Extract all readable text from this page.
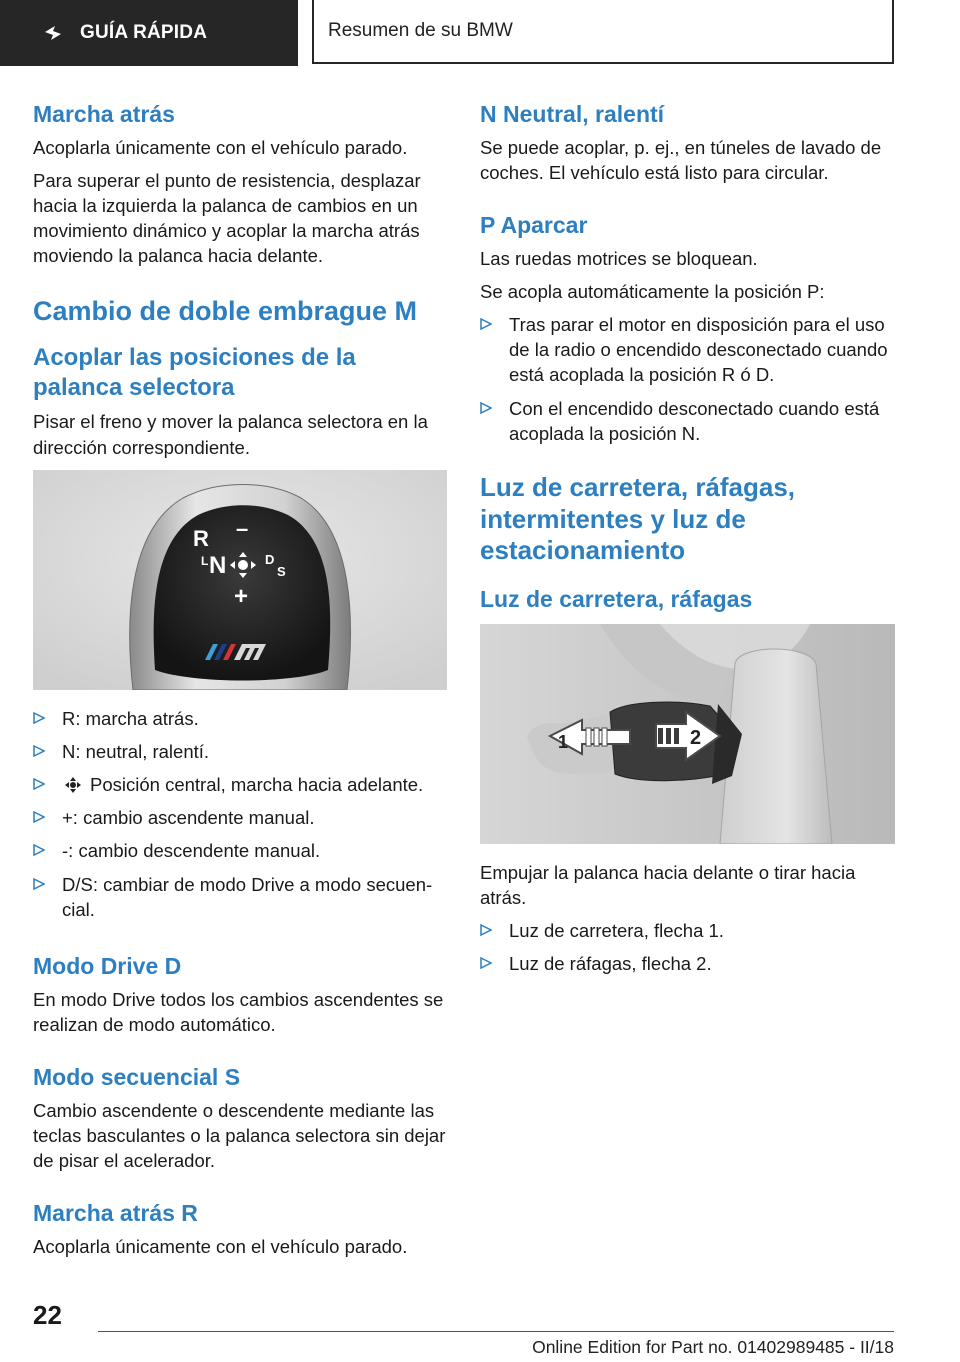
GUÍA RÁPIDA	Resumen de su BMW
Marcha atrás

Acoplarla únicamente con el vehículo parado.

Para superar el punto de resistencia, desplazar hacia la izquierda la palanca de cambios en un movimiento dinámico y acoplar la marcha atrás moviendo la palanca hacia delante.

Cambio de doble embrague M
Acoplar las posiciones de la palanca selectora

Pisar el freno y mover la palanca selectora en la dirección correspondiente.

R –
L N	D
S
+
R: marcha atrás.
N: neutral, ralentí.
Posición central, marcha hacia adelante.
+: cambio ascendente manual.
-: cambio descendente manual.
D/S: cambiar de modo Drive a modo secuencial.
Modo Drive D

En modo Drive todos los cambios ascendentes se realizan de modo automático.

Modo secuencial S

Cambio ascendente o descendente mediante las teclas basculantes o la palanca selectora sin dejar de pisar el acelerador.

Marcha atrás R

Acoplarla únicamente con el vehículo parado.

N Neutral, ralentí

Se puede acoplar, p. ej., en túneles de lavado de coches. El vehículo está listo para circular.

P Aparcar

Las ruedas motrices se bloquean.

Se acopla automáticamente la posición P:

Tras parar el motor en disposición para el uso de la radio o encendido desconectado cuando está acoplada la posición R ó D.
Con el encendido desconectado cuando está acoplada la posición N.
Luz de carretera, ráfagas, intermitentes y luz de estacionamiento
Luz de carretera, ráfagas
1	2

Empujar la palanca hacia delante o tirar hacia atrás.

Luz de carretera, flecha 1.
Luz de ráfagas, flecha 2.
22
Online Edition for Part no. 01402989485 - II/18
